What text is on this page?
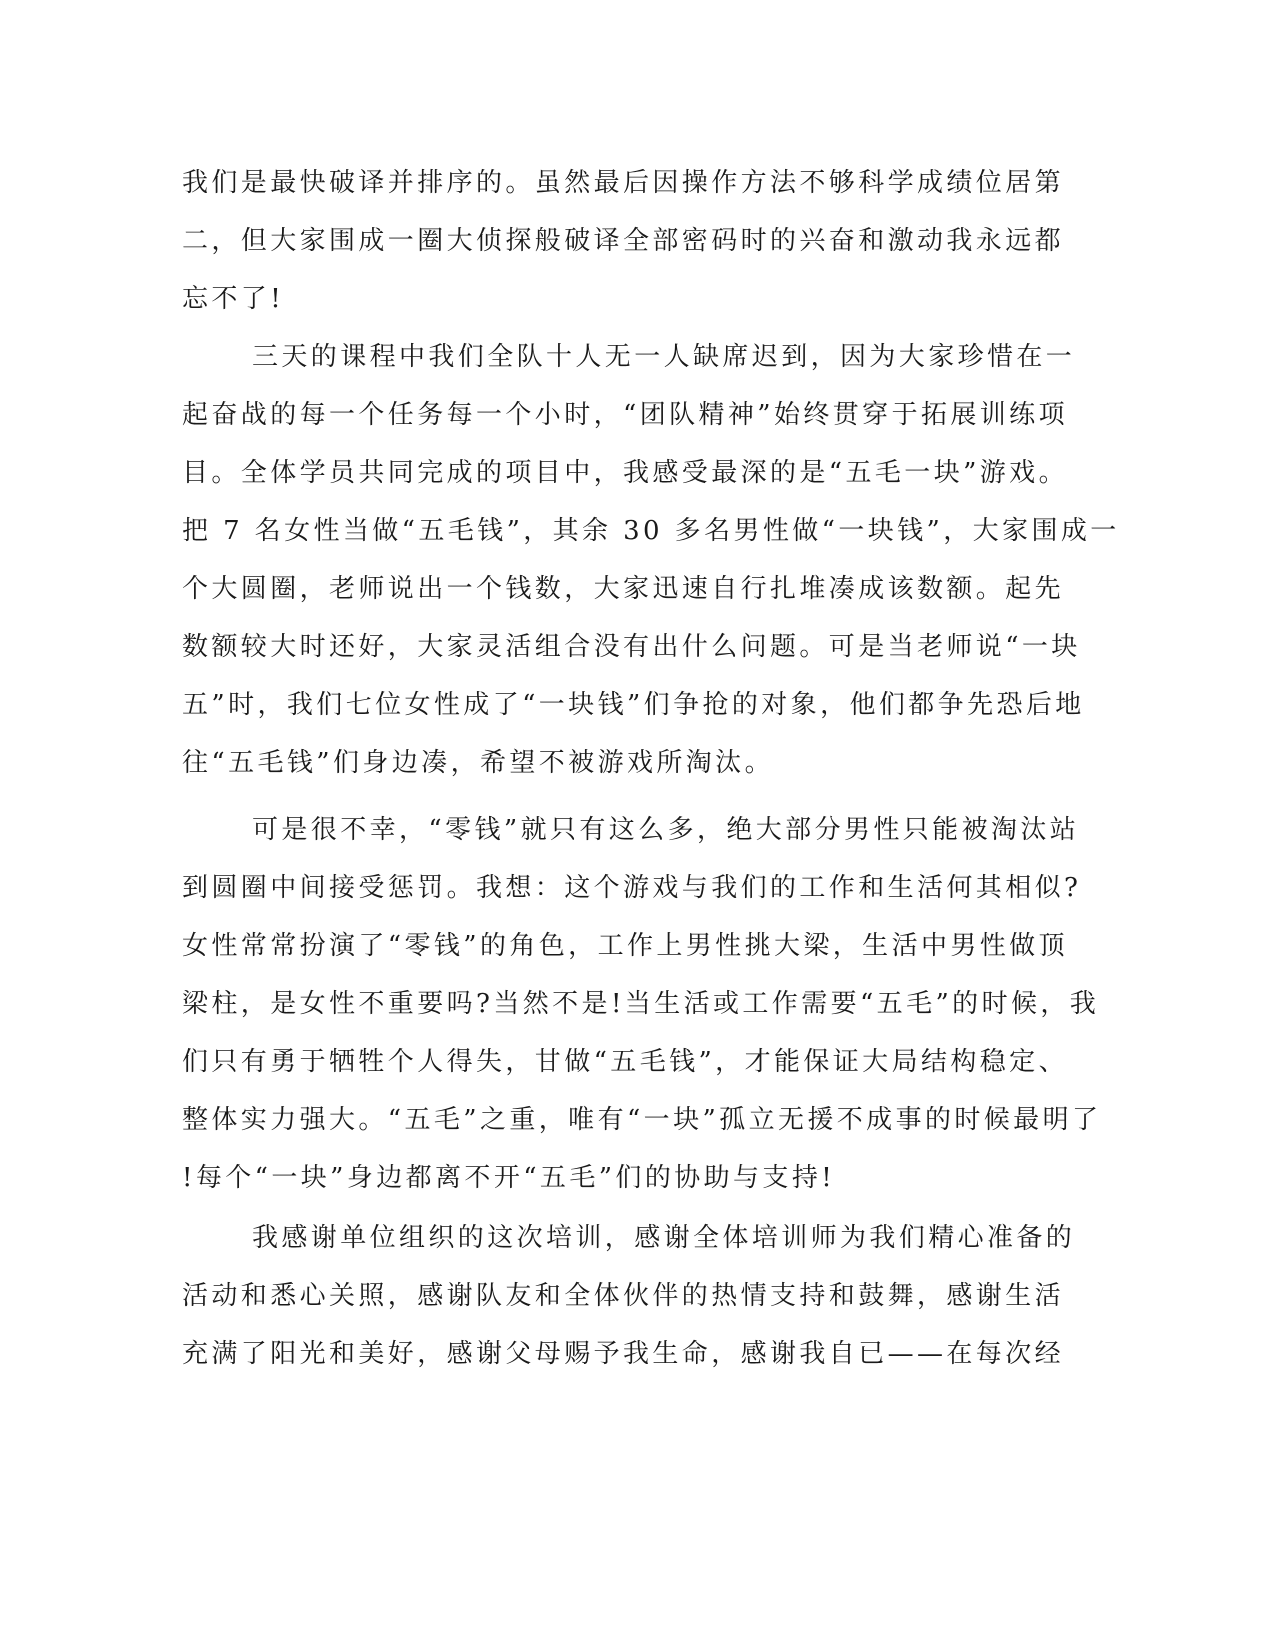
我们是最快破译并排序的。虽然最后因操作方法不够科学成绩位居第
二，但大家围成一圈大侦探般破译全部密码时的兴奋和激动我永远都
忘不了!
三天的课程中我们全队十人无一人缺席迟到，因为大家珍惜在一
起奋战的每一个任务每一个小时，“团队精神”始终贯穿于拓展训练项
目。全体学员共同完成的项目中，我感受最深的是“五毛一块”游戏。
把 7 名女性当做“五毛钱”，其余 30 多名男性做“一块钱”，大家围成一
个大圆圈，老师说出一个钱数，大家迅速自行扎堆凑成该数额。起先
数额较大时还好，大家灵活组合没有出什么问题。可是当老师说“一块
五”时，我们七位女性成了“一块钱”们争抢的对象，他们都争先恐后地
往“五毛钱”们身边凑，希望不被游戏所淘汰。
可是很不幸，“零钱”就只有这么多，绝大部分男性只能被淘汰站
到圆圈中间接受惩罚。我想：这个游戏与我们的工作和生活何其相似?
女性常常扮演了“零钱”的角色，工作上男性挑大梁，生活中男性做顶
梁柱，是女性不重要吗?当然不是!当生活或工作需要“五毛”的时候，我
们只有勇于牺牲个人得失，甘做“五毛钱”，才能保证大局结构稳定、
整体实力强大。“五毛”之重，唯有“一块”孤立无援不成事的时候最明了
!每个“一块”身边都离不开“五毛”们的协助与支持!
我感谢单位组织的这次培训，感谢全体培训师为我们精心准备的
活动和悉心关照，感谢队友和全体伙伴的热情支持和鼓舞，感谢生活
充满了阳光和美好，感谢父母赐予我生命，感谢我自已——在每次经
